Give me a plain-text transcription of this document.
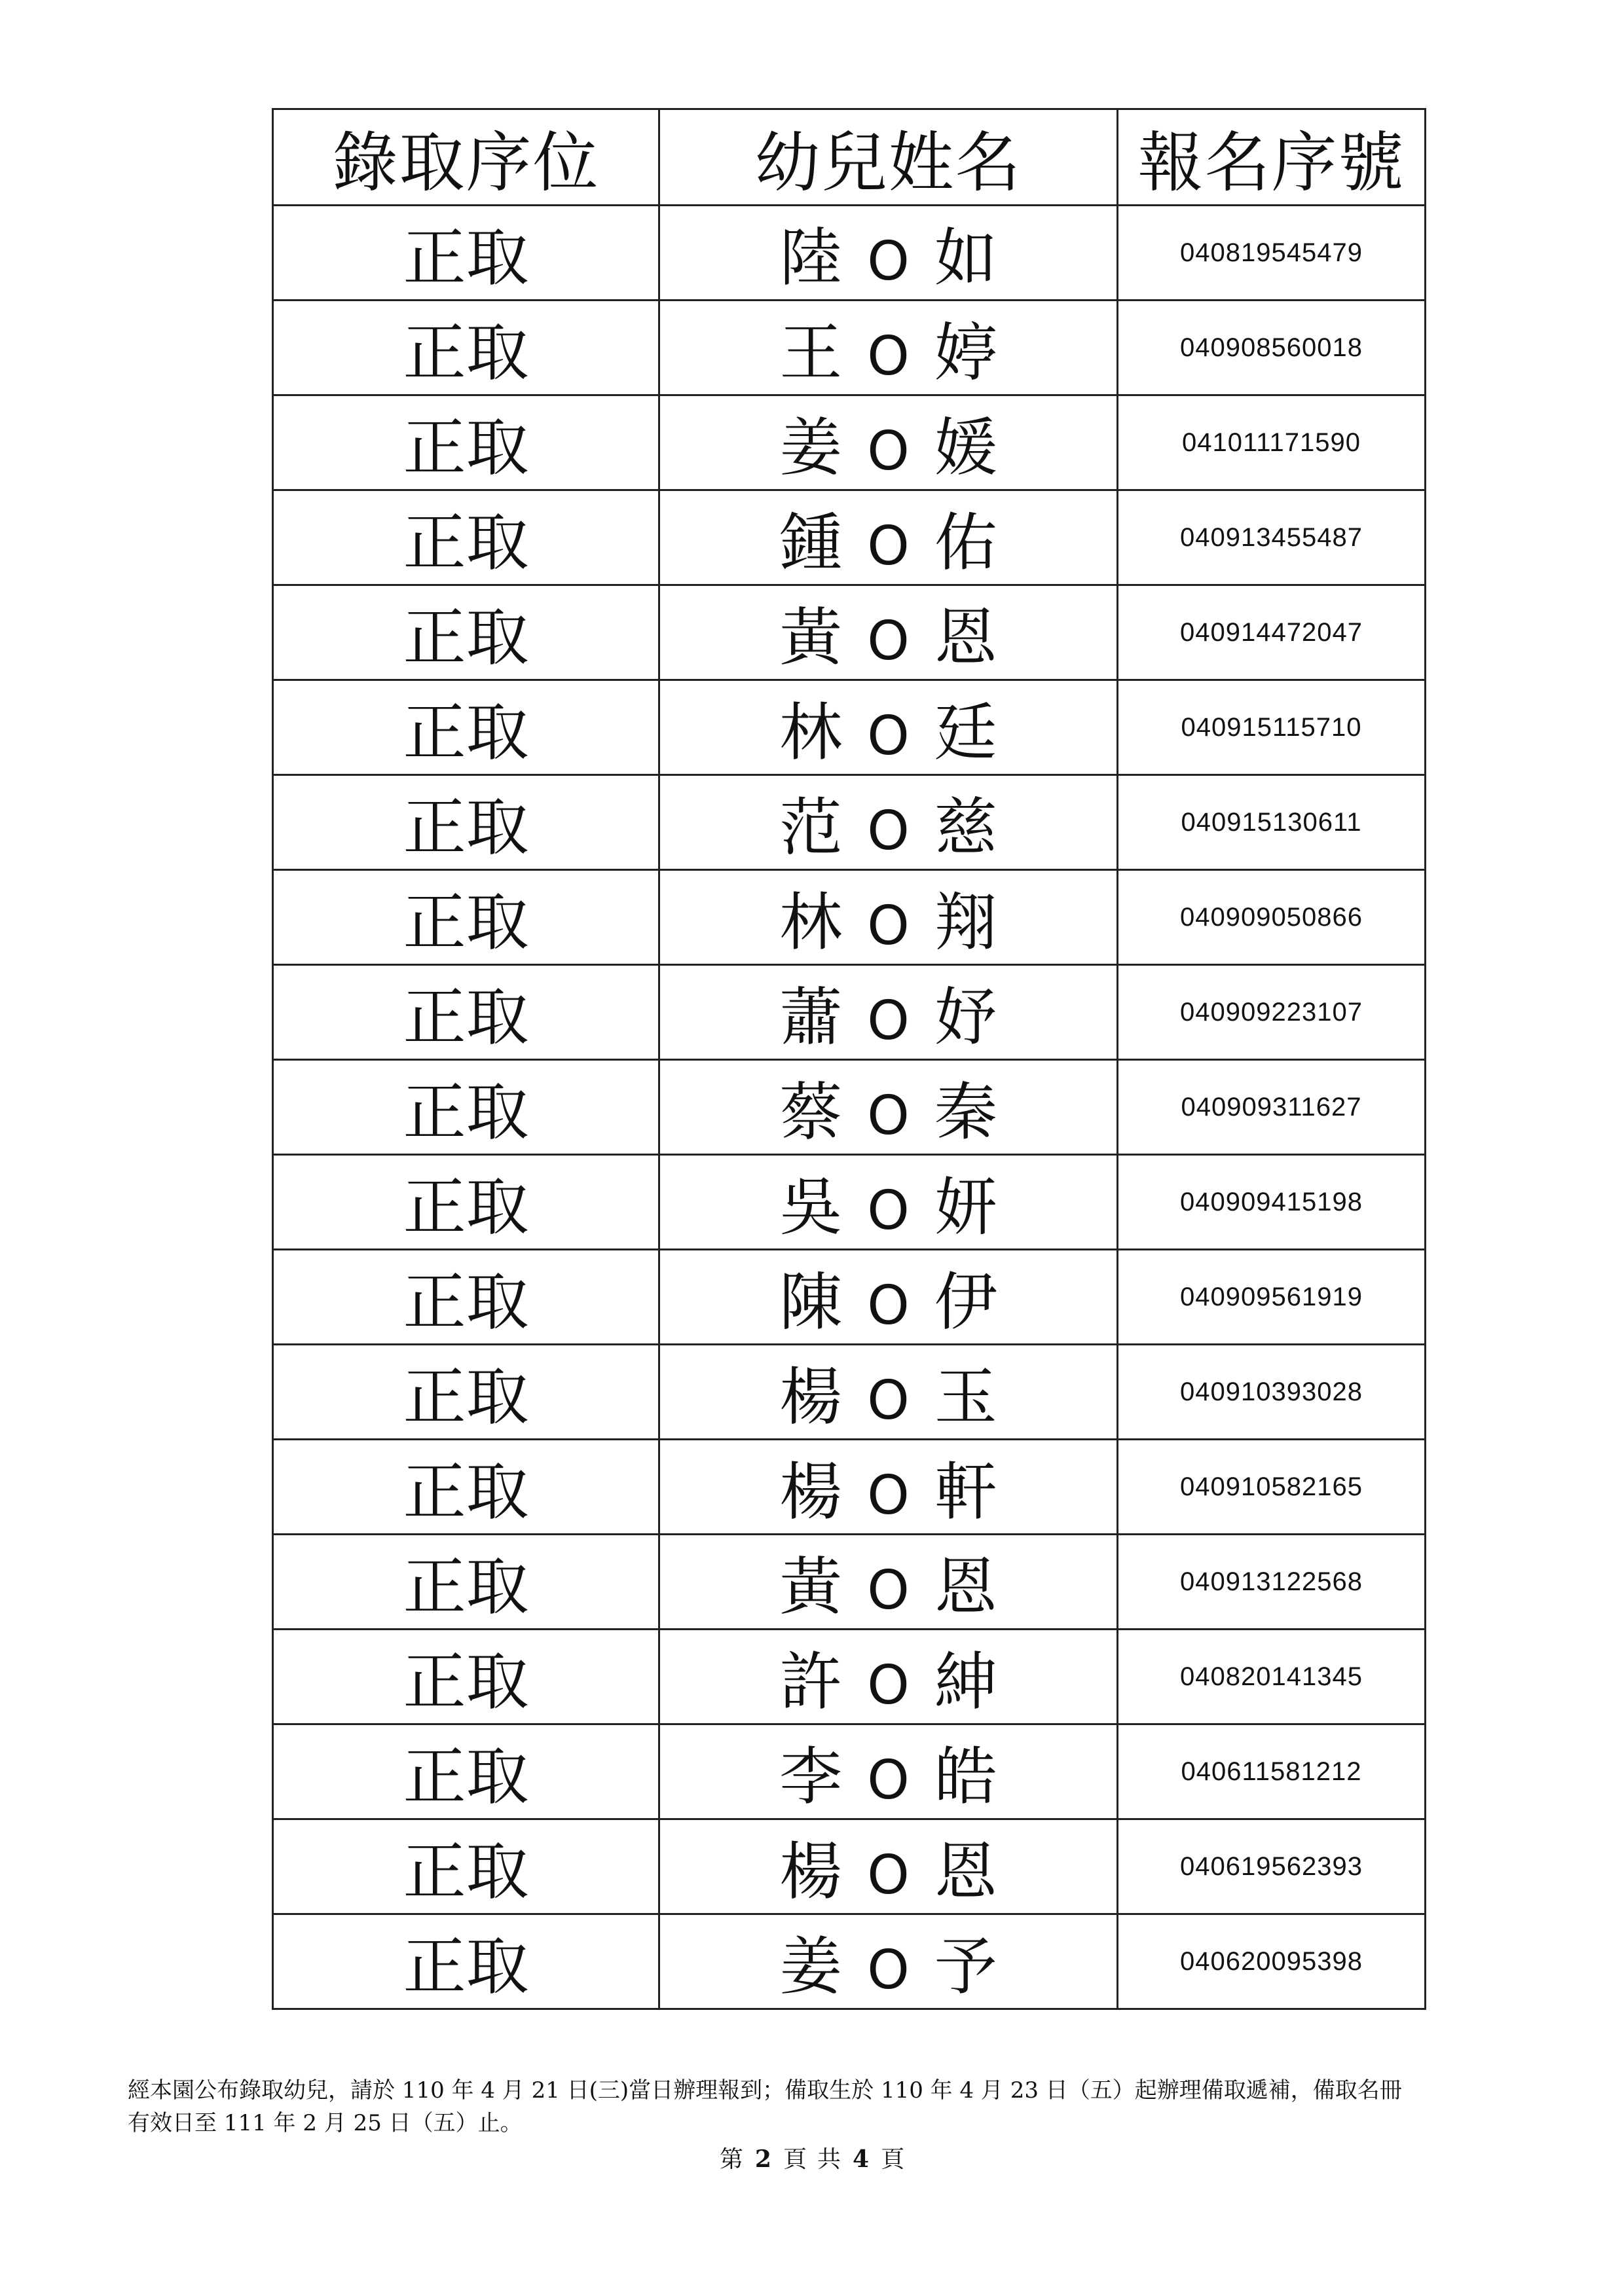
錄取序位	幼兒姓名	報名序號
正取	陸 O 如	040819545479
正取	王 O 婷	040908560018
正取	姜 O 媛	041011171590
正取	鍾 O 佑	040913455487
正取	黃 O 恩	040914472047
正取	林 O 廷	040915115710
正取	范 O 慈	040915130611
正取	林 O 翔	040909050866
正取	蕭 O 妤	040909223107
正取	蔡 O 秦	040909311627
正取	吳 O 妍	040909415198
正取	陳 O 伊	040909561919
正取	楊 O 玉	040910393028
正取	楊 O 軒	040910582165
正取	黃 O 恩	040913122568
正取	許 O 紳	040820141345
正取	李 O 皓	040611581212
正取	楊 O 恩	040619562393
正取	姜 O 予	040620095398
經本園公布錄取幼兒，請於 110 年 4 月 21 日(三)當日辦理報到；備取生於 110 年 4 月 23 日（五）起辦理備取遞補，備取名冊
有效日至 111 年 2 月 25 日（五）止。
第 2 頁 共 4 頁
